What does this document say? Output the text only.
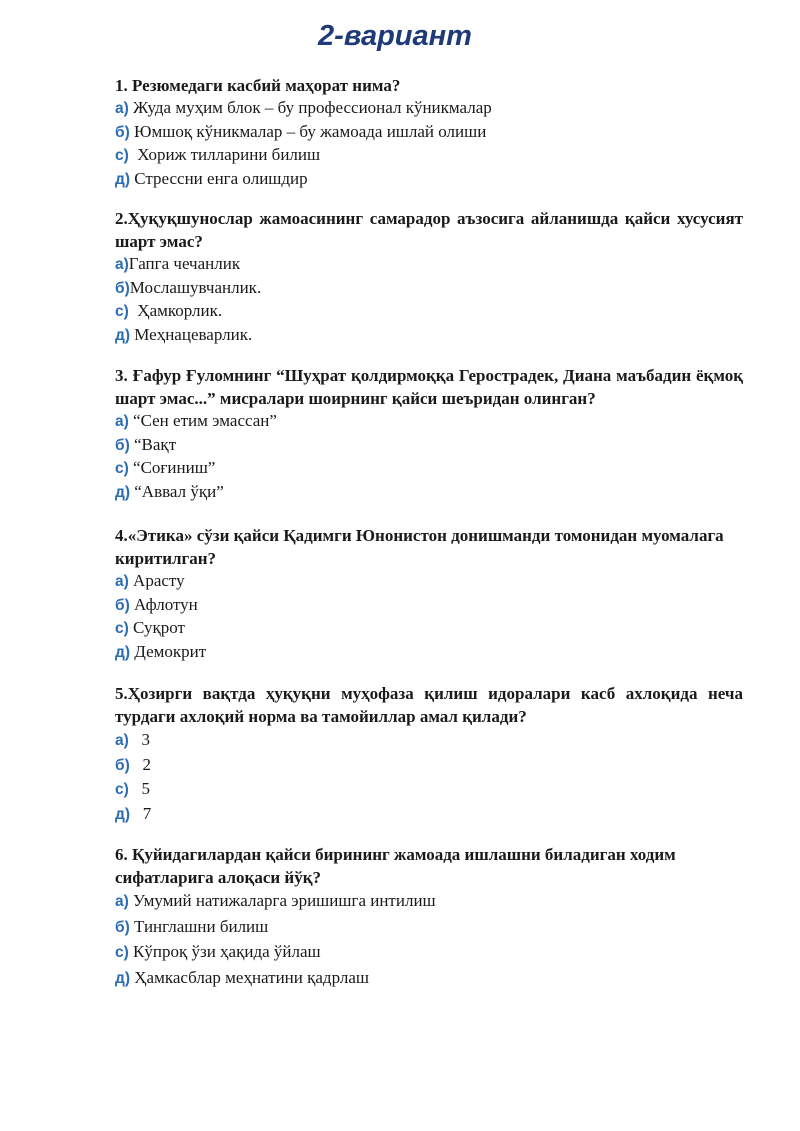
2-вариант
1. Резюмедаги касбий маҳорат нима?
а) Жуда муҳим блок – бу профессионал кўникмалар
б) Юмшоқ кўникмалар – бу жамоада ишлай олиши
с)  Хориж тилларини билиш
д) Стрессни енга олишдир
2.Ҳуқуқшунослар жамоасининг самарадор аъзосига айланишда қайси хусусият шарт эмас?
а)Гапга чечанлик
б)Мослашувчанлик.
с)  Ҳамкорлик.
д) Меҳнацеварлик.
3. Ғафур Ғуломнинг “Шуҳрат қолдирмоққа Герострадек, Диана маъбадин ёқмоқ шарт эмас...” мисралари шоирнинг қайси шеъридан олинган?
а) “Сен етим эмассан”
б) “Вақт
с) “Соғиниш”
д) “Аввал ўқи”
4.«Этика» сўзи қайси Қадимги Юнонистон донишманди томонидан муомалага киритилган?
а) Арасту
б) Афлотун
с) Суқрот
д) Демокрит
5.Ҳозирги вақтда ҳуқуқни муҳофаза қилиш идоралари касб ахлоқида неча турдаги ахлоқий норма ва тамойиллар амал қилади?
а)   3
б)   2
с)   5
д)   7
6. Қуйидагилардан қайси бирининг жамоада ишлашни биладиган ходим сифатларига алоқаси йўқ?
а) Умумий натижаларга эришишга интилиш
б) Тинглашни билиш
с) Кўпроқ ўзи ҳақида ўйлаш
д) Ҳамкасблар меҳнатини қадрлаш
